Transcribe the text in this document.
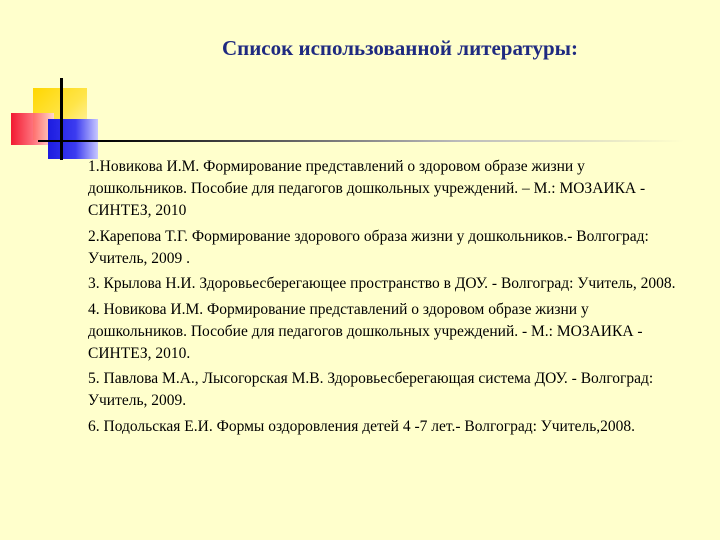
Список использованной литературы:

1.Новикова И.М. Формирование представлений о здоровом образе жизни у дошкольников. Пособие для педагогов дошкольных учреждений. – М.: МОЗАИКА - СИНТЕЗ, 2010

2.Карепова Т.Г. Формирование здорового образа жизни у дошкольников.- Волгоград: Учитель, 2009 .

3. Крылова Н.И. Здоровьесберегающее пространство в ДОУ. - Волгоград: Учитель, 2008.

4. Новикова И.М. Формирование представлений о здоровом образе жизни у дошкольников. Пособие для педагогов дошкольных учреждений. - М.: МОЗАИКА - СИНТЕЗ, 2010.

5. Павлова М.А., Лысогорская М.В. Здоровьесберегающая система ДОУ. - Волгоград: Учитель, 2009.

6. Подольская Е.И. Формы оздоровления детей 4 -7 лет.- Волгоград: Учитель,2008.
